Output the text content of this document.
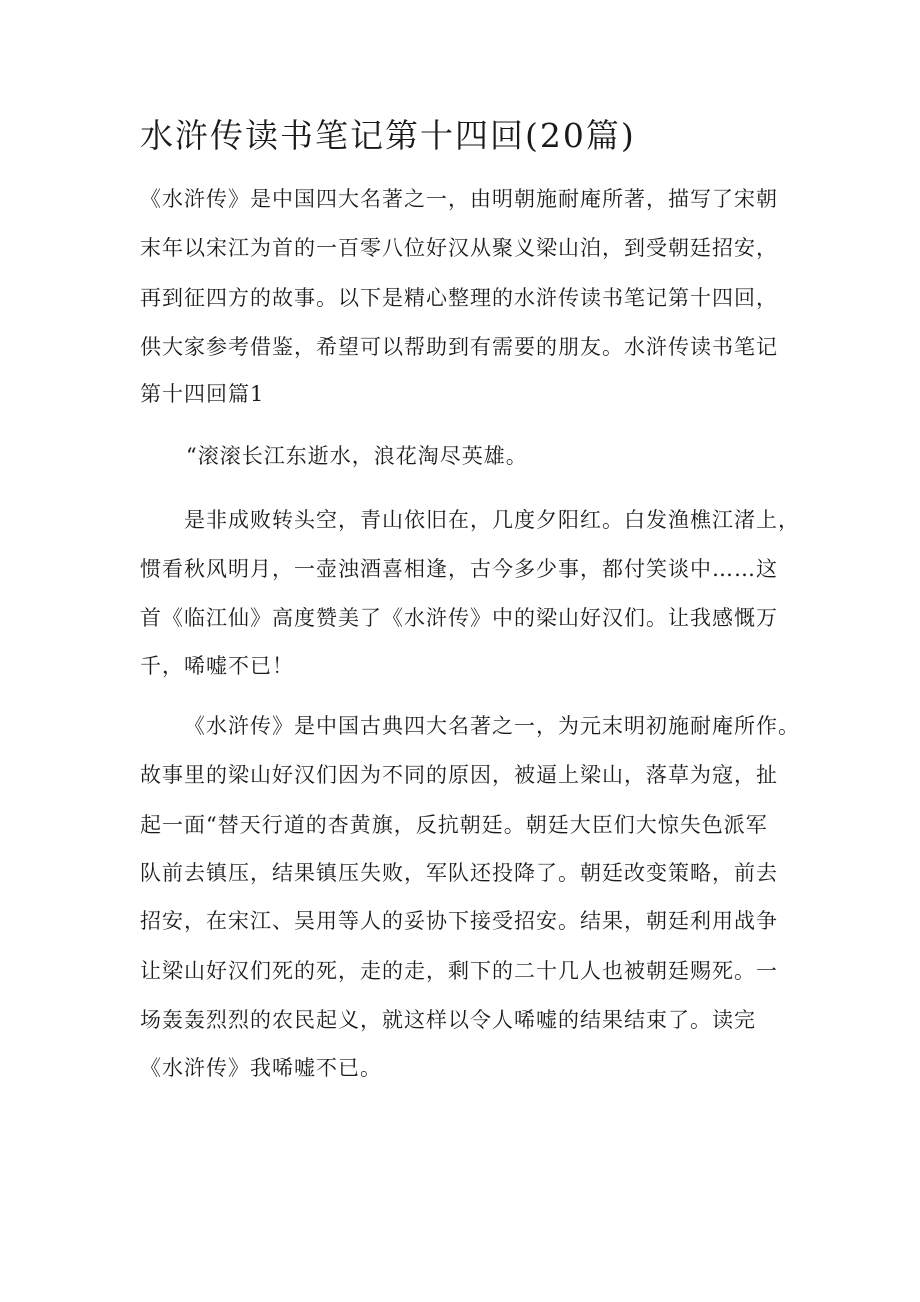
水浒传读书笔记第十四回(20篇)

《水浒传》是中国四大名著之一，由明朝施耐庵所著，描写了宋朝

末年以宋江为首的一百零八位好汉从聚义梁山泊，到受朝廷招安，

再到征四方的故事。以下是精心整理的水浒传读书笔记第十四回，

供大家参考借鉴，希望可以帮助到有需要的朋友。水浒传读书笔记

第十四回篇1

“滚滚长江东逝水，浪花淘尽英雄。

是非成败转头空，青山依旧在，几度夕阳红。白发渔樵江渚上，

惯看秋风明月，一壶浊酒喜相逢，古今多少事，都付笑谈中……这

首《临江仙》高度赞美了《水浒传》中的梁山好汉们。让我感慨万

千，唏嘘不已！

《水浒传》是中国古典四大名著之一，为元末明初施耐庵所作。

故事里的梁山好汉们因为不同的原因，被逼上梁山，落草为寇，扯

起一面“替天行道的杏黄旗，反抗朝廷。朝廷大臣们大惊失色派军

队前去镇压，结果镇压失败，军队还投降了。朝廷改变策略，前去

招安，在宋江、吴用等人的妥协下接受招安。结果，朝廷利用战争

让梁山好汉们死的死，走的走，剩下的二十几人也被朝廷赐死。一

场轰轰烈烈的农民起义，就这样以令人唏嘘的结果结束了。读完

《水浒传》我唏嘘不已。
